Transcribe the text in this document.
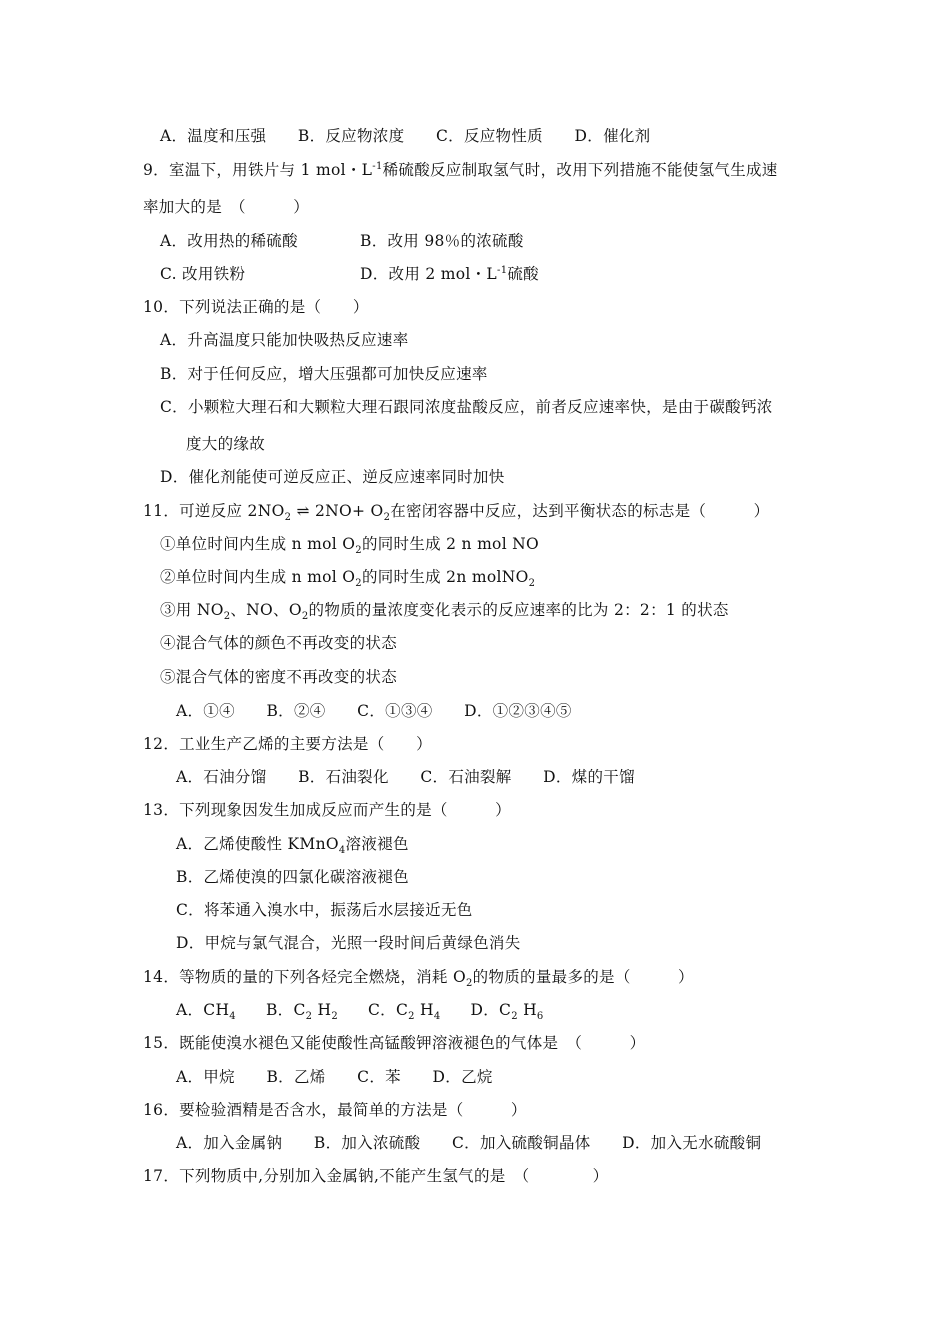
A．温度和压强　　B．反应物浓度　　C．反应物性质　　D．催化剂
9．室温下，用铁片与 1 mol・$L^{-1}$稀硫酸反应制取氢气时，改用下列措施不能使氢气生成速
率加大的是　（　　　）
A．改用热的稀硫酸	B．改用 98％的浓硫酸
C. 改用铁粉	D．改用 2 mol・$L^{-1}$硫酸
10．下列说法正确的是（　　）
A．升高温度只能加快吸热反应速率
B．对于任何反应，增大压强都可加快反应速率
C．小颗粒大理石和大颗粒大理石跟同浓度盐酸反应，前者反应速率快，是由于碳酸钙浓
度大的缘故
D．催化剂能使可逆反应正、逆反应速率同时加快
11．可逆反应 $2NO_2$ ⇌ $2NO+ O_2$在密闭容器中反应，达到平衡状态的标志是（　　　）
①单位时间内生成 n mol $O_2$的同时生成 2 n mol NO
②单位时间内生成 n mol $O_2$的同时生成 2n molNO$_2$
③用 $NO_2$、NO、$O_2$的物质的量浓度变化表示的反应速率的比为 2：2：1 的状态
④混合气体的颜色不再改变的状态
⑤混合气体的密度不再改变的状态
A．①④　　B．②④　　C．①③④　　D．①②③④⑤
12．工业生产乙烯的主要方法是（　　）
A．石油分馏　　B．石油裂化　　C．石油裂解　　D．煤的干馏
13．下列现象因发生加成反应而产生的是（　　　）
A．乙烯使酸性 KMnO$_4$溶液褪色
B．乙烯使溴的四氯化碳溶液褪色
C．将苯通入溴水中，振荡后水层接近无色
D．甲烷与氯气混合，光照一段时间后黄绿色消失
14．等物质的量的下列各烃完全燃烧，消耗 $O_2$的物质的量最多的是（　　　）
A．$CH_4$ B．$C_2$ $H_2$ C．$C_2$ $H_4$ D．$C_2$ $H_6$
15．既能使溴水褪色又能使酸性高锰酸钾溶液褪色的气体是　（　　　）
A．甲烷　　B．乙烯　　C．苯　　D．乙烷
16．要检验酒精是否含水，最简单的方法是（　　　）
A．加入金属钠　　B．加入浓硫酸　　C．加入硫酸铜晶体　　D．加入无水硫酸铜
17．下列物质中,分别加入金属钠,不能产生氢气的是　（　　　　）
